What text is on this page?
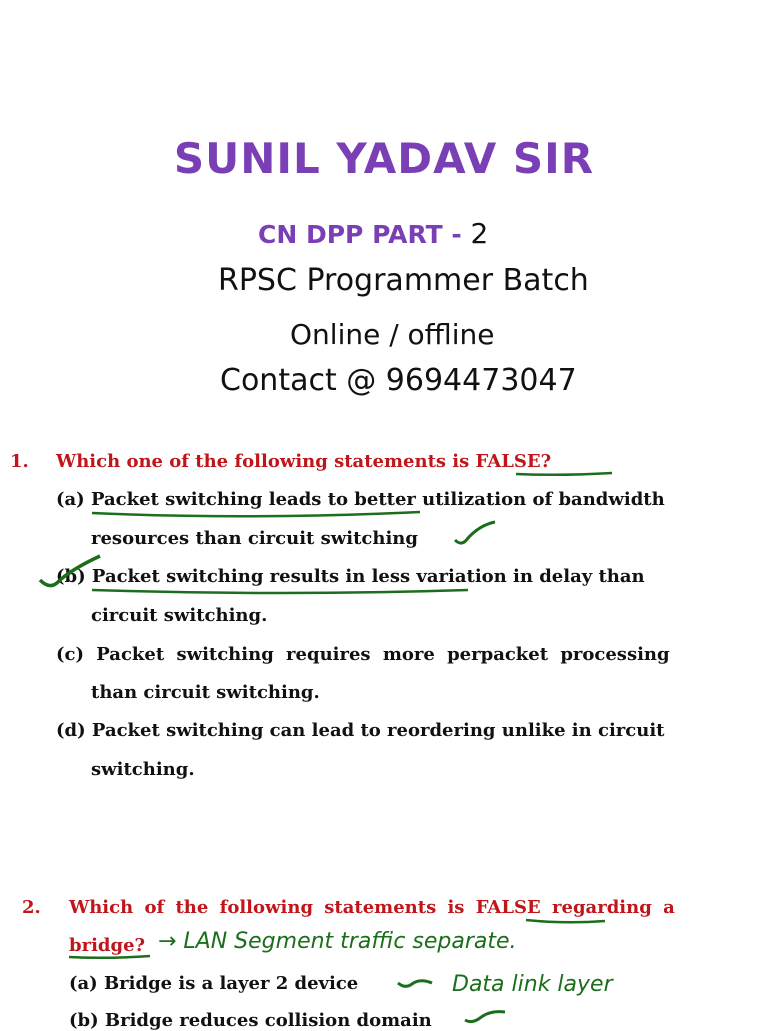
SUNIL YADAV SIR
CN DPP PART - 2
RPSC Programmer Batch
Online / offline
Contact @ 9694473047
1. Which one of the following statements is FALSE?
(a) Packet switching leads to better utilization of bandwidth
resources than circuit switching
(b) Packet switching results in less variation in delay than
circuit switching.
(c) Packet switching requires more perpacket processing
than circuit switching.
(d) Packet switching can lead to reordering unlike in circuit
switching.
2. Which of the following statements is FALSE regarding a
bridge? → LAN Segment traffic separate.
(a) Bridge is a layer 2 device	Data link layer
(b) Bridge reduces collision domain
